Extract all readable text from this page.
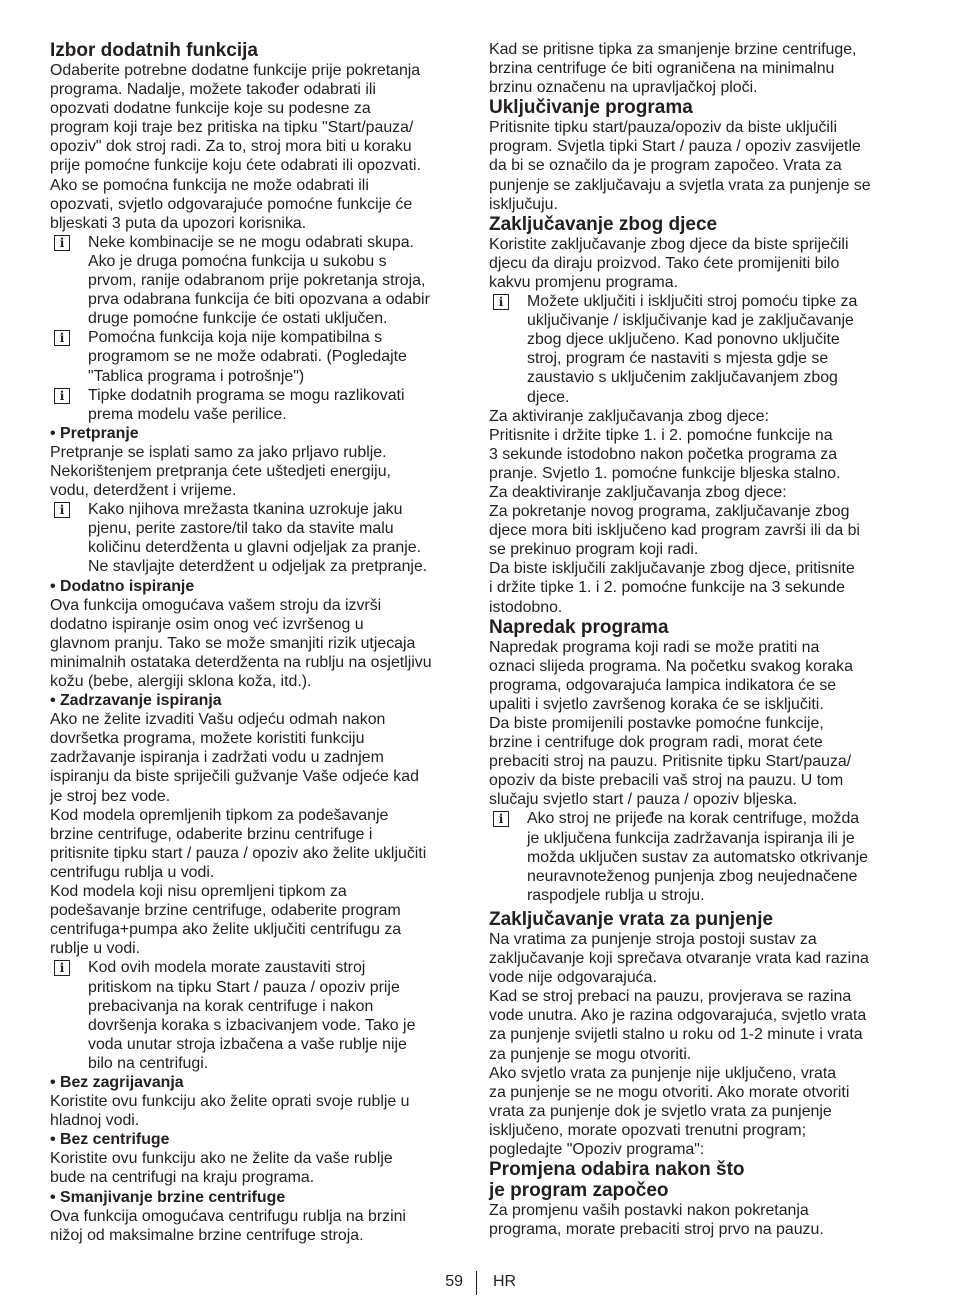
Izbor dodatnih funkcija

Odaberite potrebne dodatne funkcije prije pokretanja
programa. Nadalje, možete također odabrati ili
opozvati dodatne funkcije koje su podesne za
program koji traje bez pritiska na tipku "Start/pauza/
opoziv" dok stroj radi. Za to, stroj mora biti u koraku
prije pomoćne funkcije koju ćete odabrati ili opozvati.
Ako se pomoćna funkcija ne može odabrati ili
opozvati, svjetlo odgovarajuće pomoćne funkcije će
bljeskati 3 puta da upozori korisnika.

i	Neke kombinacije se ne mogu odabrati skupa.
Ako je druga pomoćna funkcija u sukobu s
prvom, ranije odabranom prije pokretanja stroja,
prva odabrana funkcija će biti opozvana a odabir
druge pomoćne funkcije će ostati uključen.
i	Pomoćna funkcija koja nije kompatibilna s
programom se ne može odabrati. (Pogledajte
"Tablica programa i potrošnje")
i	Tipke dodatnih programa se mogu razlikovati
prema modelu vaše perilice.

• Pretpranje

Pretpranje se isplati samo za jako prljavo rublje.
Nekorištenjem pretpranja ćete uštedjeti energiju,
vodu, deterdžent i vrijeme.

i	Kako njihova mrežasta tkanina uzrokuje jaku
pjenu, perite zastore/til tako da stavite malu
količinu deterdženta u glavni odjeljak za pranje.
Ne stavljajte deterdžent u odjeljak za pretpranje.

• Dodatno ispiranje

Ova funkcija omogućava vašem stroju da izvrši
dodatno ispiranje osim onog već izvršenog u
glavnom pranju. Tako se može smanjiti rizik utjecaja
minimalnih ostataka deterdženta na rublju na osjetljivu
kožu (bebe, alergiji sklona koža, itd.).

• Zadrzavanje ispiranja

Ako ne želite izvaditi Vašu odjeću odmah nakon
dovršetka programa, možete koristiti funkciju
zadržavanje ispiranja i zadržati vodu u zadnjem
ispiranju da biste spriječili gužvanje Vaše odjeće kad
je stroj bez vode.
Kod modela opremljenih tipkom za podešavanje
brzine centrifuge, odaberite brzinu centrifuge i
pritisnite tipku start / pauza / opoziv ako želite uključiti
centrifugu rublja u vodi.
Kod modela koji nisu opremljeni tipkom za
podešavanje brzine centrifuge, odaberite program
centrifuga+pumpa ako želite uključiti centrifugu za
rublje u vodi.

i	Kod ovih modela morate zaustaviti stroj
pritiskom na tipku Start / pauza / opoziv prije
prebacivanja na korak centrifuge i nakon
dovršenja koraka s izbacivanjem vode. Tako je
voda unutar stroja izbačena a vaše rublje nije
bilo na centrifugi.

• Bez zagrijavanja

Koristite ovu funkciju ako želite oprati svoje rublje u
hladnoj vodi.

• Bez centrifuge

Koristite ovu funkciju ako ne želite da vaše rublje
bude na centrifugi na kraju programa.

• Smanjivanje brzine centrifuge

Ova funkcija omogućava centrifugu rublja na brzini
nižoj od maksimalne brzine centrifuge stroja.

Kad se pritisne tipka za smanjenje brzine centrifuge,
brzina centrifuge će biti ograničena na minimalnu
brzinu označenu na upravljačkoj ploči.

Uključivanje programa

Pritisnite tipku start/pauza/opoziv da biste uključili
program. Svjetla tipki Start / pauza / opoziv zasvijetle
da bi se označilo da je program započeo. Vrata za
punjenje se zaključavaju a svjetla vrata za punjenje se
isključuju.

Zaključavanje zbog djece

Koristite zaključavanje zbog djece da biste spriječili
djecu da diraju proizvod. Tako ćete promijeniti bilo
kakvu promjenu programa.

i	Možete uključiti i isključiti stroj pomoću tipke za
uključivanje / isključivanje kad je zaključavanje
zbog djece uključeno. Kad ponovno uključite
stroj, program će nastaviti s mjesta gdje se
zaustavio s uključenim zaključavanjem zbog
djece.

Za aktiviranje zaključavanja zbog djece:
Pritisnite i držite tipke 1. i 2. pomoćne funkcije na
3 sekunde istodobno nakon početka programa za
pranje. Svjetlo 1. pomoćne funkcije bljeska stalno.
Za deaktiviranje zaključavanja zbog djece:
Za pokretanje novog programa, zaključavanje zbog
djece mora biti isključeno kad program završi ili da bi
se prekinuo program koji radi.
Da biste isključili zaključavanje zbog djece, pritisnite
i držite tipke 1. i 2. pomoćne funkcije na 3 sekunde
istodobno.

Napredak programa

Napredak programa koji radi se može pratiti na
oznaci slijeda programa. Na početku svakog koraka
programa, odgovarajuća lampica indikatora će se
upaliti i svjetlo završenog koraka će se isključiti.
Da biste promijenili postavke pomoćne funkcije,
brzine i centrifuge dok program radi, morat ćete
prebaciti stroj na pauzu. Pritisnite tipku Start/pauza/
opoziv da biste prebacili vaš stroj na pauzu. U tom
slučaju svjetlo start / pauza / opoziv bljeska.

i	Ako stroj ne prijeđe na korak centrifuge, možda
je uključena funkcija zadržavanja ispiranja ili je
možda uključen sustav za automatsko otkrivanje
neuravnoteženog punjenja zbog neujednačene
raspodjele rublja u stroju.

Zaključavanje vrata za punjenje

Na vratima za punjenje stroja postoji sustav za
zaključavanje koji sprečava otvaranje vrata kad razina
vode nije odgovarajuća.
Kad se stroj prebaci na pauzu, provjerava se razina
vode unutra. Ako je razina odgovarajuća, svjetlo vrata
za punjenje svijetli stalno u roku od 1-2 minute i vrata
za punjenje se mogu otvoriti.
Ako svjetlo vrata za punjenje nije uključeno, vrata
za punjenje se ne mogu otvoriti. Ako morate otvoriti
vrata za punjenje dok je svjetlo vrata za punjenje
isključeno, morate opozvati trenutni program;
pogledajte "Opoziv programa":

Promjena odabira nakon što
je program započeo

Za promjenu vaših postavki nakon pokretanja
programa, morate prebaciti stroj prvo na pauzu.

59 HR
